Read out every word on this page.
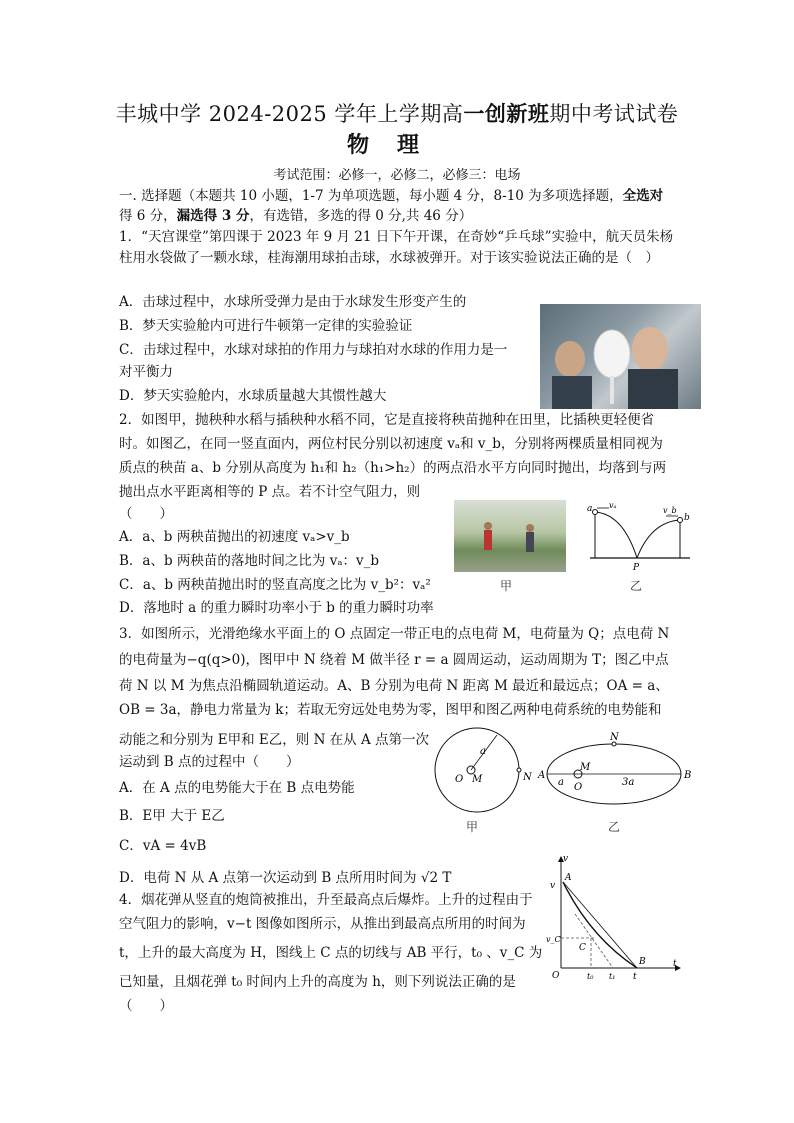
丰城中学 2024-2025 学年上学期高一创新班期中考试试卷
物理
考试范围：必修一，必修二，必修三：电场
一. 选择题（本题共 10 小题，1-7 为单项选题，每小题 4 分，8-10 为多项选择题，全选对
得 6 分，漏选得 3 分，有选错，多选的得 0 分,共 46 分）
1．“天宫课堂”第四课于 2023 年 9 月 21 日下午开课，在奇妙“乒乓球”实验中，航天员朱杨
柱用水袋做了一颗水球，桂海潮用球拍击球，水球被弹开。对于该实验说法正确的是（　）
A．击球过程中，水球所受弹力是由于水球发生形变产生的
B．梦天实验舱内可进行牛顿第一定律的实验验证
C．击球过程中，水球对球拍的作用力与球拍对水球的作用力是一
对平衡力
D．梦天实验舱内，水球质量越大其惯性越大
2．如图甲，抛秧种水稻与插秧种水稻不同，它是直接将秧苗抛种在田里，比插秧更轻便省
时。如图乙，在同一竖直面内，两位村民分别以初速度 vₐ和 v_b，分别将两棵质量相同视为
质点的秧苗 a、b 分别从高度为 h₁和 h₂（h₁>h₂）的两点沿水平方向同时抛出，均落到与两
抛出点水平距离相等的 P 点。若不计空气阻力，则
（　　）
A．a、b 两秧苗抛出的初速度 vₐ>v_b
B．a、b 两秧苗的落地时间之比为 vₐ：v_b
C．a、b 两秧苗抛出时的竖直高度之比为 v_b²：vₐ²
D．落地时 a 的重力瞬时功率小于 b 的重力瞬时功率
甲
a vₐ
v_b
b
P
乙
3．如图所示，光滑绝缘水平面上的 O 点固定一带正电的点电荷 M，电荷量为 Q；点电荷 N
的电荷量为−q(q>0)，图甲中 N 绕着 M 做半径 r = a 圆周运动，运动周期为 T；图乙中点
荷 N 以 M 为焦点沿椭圆轨道运动。A、B 分别为电荷 N 距离 M 最近和最远点；OA = a、
OB = 3a，静电力常量为 k；若取无穷远处电势为零，图甲和图乙两种电荷系统的电势能和
动能之和分别为 E甲和 E乙，则 N 在从 A 点第一次
运动到 B 点的过程中（　　）
A．在 A 点的电势能大于在 B 点电势能
B．E甲 大于 E乙
C．vA = 4vB
D．电荷 N 从 A 点第一次运动到 B 点所用时间为 √2 T
a
O M	N
甲
N
A	B
a	3a
M
O
乙
4．烟花弹从竖直的炮筒被推出，升至最高点后爆炸。上升的过程由于
空气阻力的影响，v−t 图像如图所示，从推出到最高点所用的时间为
t，上升的最大高度为 H，图线上 C 点的切线与 AB 平行，t₀ 、v_C 为
已知量，且烟花弹 t₀ 时间内上升的高度为 h，则下列说法正确的是
（　　）
v
v
A
v_C
C
B
O	t₀ t₁ t
t
